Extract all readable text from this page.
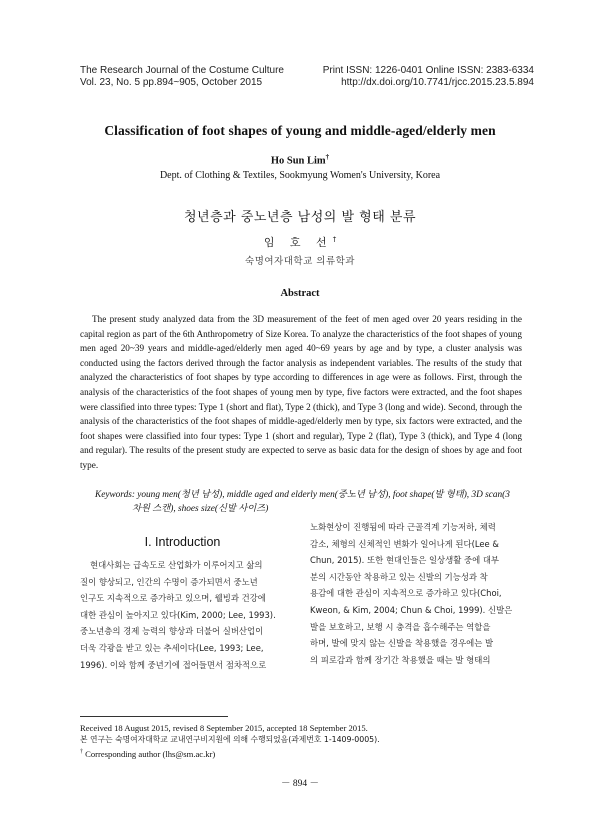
The Research Journal of the Costume Culture
Vol. 23, No. 5 pp.894~905, October 2015
Print ISSN: 1226-0401 Online ISSN: 2383-6334
http://dx.doi.org/10.7741/rjcc.2015.23.5.894
Classification of foot shapes of young and middle-aged/elderly men
Ho Sun Lim†
Dept. of Clothing & Textiles, Sookmyung Women's University, Korea
청년층과 중노년층 남성의 발 형태 분류
임 호 선†
숙명여자대학교 의류학과
Abstract

The present study analyzed data from the 3D measurement of the feet of men aged over 20 years residing in the capital region as part of the 6th Anthropometry of Size Korea. To analyze the characteristics of the foot shapes of young men aged 20~39 years and middle-aged/elderly men aged 40~69 years by age and by type, a cluster analysis was conducted using the factors derived through the factor analysis as independent variables. The results of the study that analyzed the characteristics of foot shapes by type according to differences in age were as follows. First, through the analysis of the characteristics of the foot shapes of young men by type, five factors were extracted, and the foot shapes were classified into three types: Type 1 (short and flat), Type 2 (thick), and Type 3 (long and wide). Second, through the analysis of the characteristics of the foot shapes of middle-aged/elderly men by type, six factors were extracted, and the foot shapes were classified into four types: Type 1 (short and regular), Type 2 (flat), Type 3 (thick), and Type 4 (long and regular). The results of the present study are expected to serve as basic data for the design of shoes by age and foot type.

Keywords: young men(청년 남성), middle aged and elderly men(중노년 남성), foot shape(발 형태), 3D scan(3
차원 스캔), shoes size(신발 사이즈)
I. Introduction
현대사회는 급속도로 산업화가 이루어지고 삶의
질이 향상되고, 인간의 수명이 증가되면서 중노년
인구도 지속적으로 증가하고 있으며, 웰빙과 건강에
대한 관심이 높아지고 있다(Kim, 2000; Lee, 1993).
중노년층의 경제 능력의 향상과 더불어 실버산업이
더욱 각광을 받고 있는 추세이다(Lee, 1993; Lee,
1996). 이와 함께 중년기에 접어들면서 점차적으로
노화현상이 진행됨에 따라 근골격계 기능저하, 체력
감소, 체형의 신체적인 변화가 일어나게 된다(Lee &
Chun, 2015). 또한 현대인들은 일상생활 중에 대부
분의 시간동안 착용하고 있는 신발의 기능성과 착
용감에 대한 관심이 지속적으로 증가하고 있다(Choi,
Kweon, & Kim, 2004; Chun & Choi, 1999). 신발은
발을 보호하고, 보행 시 충격을 흡수해주는 역할을
하며, 발에 맞지 않는 신발을 착용했을 경우에는 발
의 피로감과 함께 장기간 착용했을 때는 발 형태의
Received 18 August 2015, revised 8 September 2015, accepted 18 September 2015.
본 연구는 숙명여자대학교 교내연구비지원에 의해 수행되었음(과제번호 1-1409-0005).
† Corresponding author (lhs@sm.ac.kr)
－ 894 －
